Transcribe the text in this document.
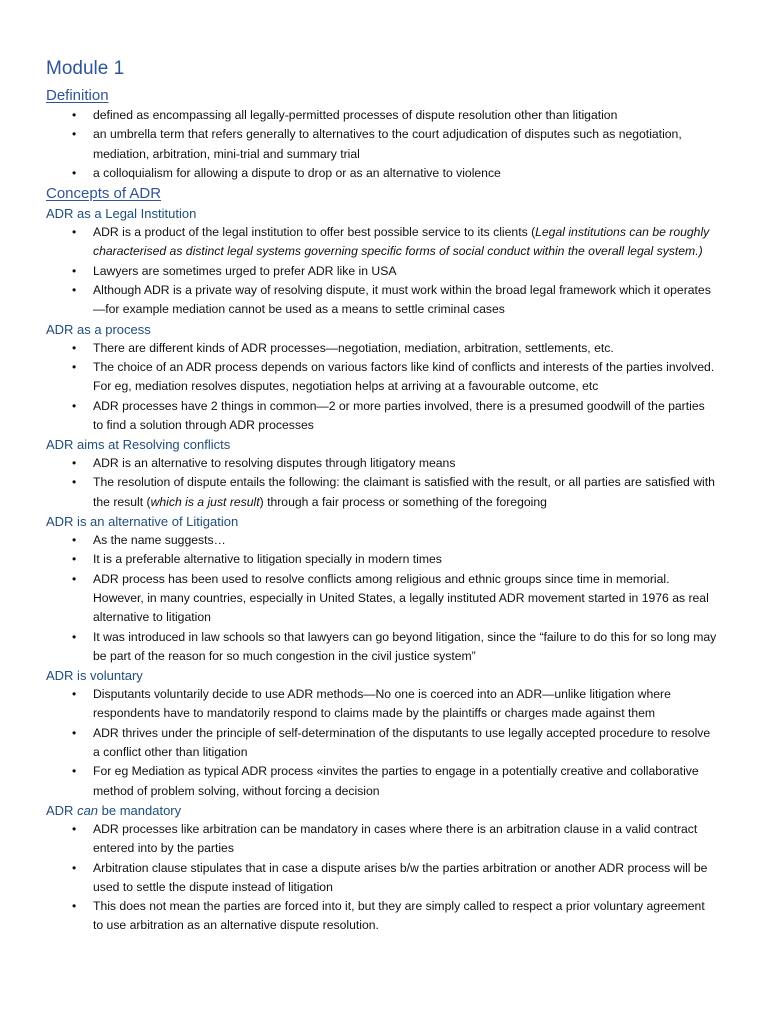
Module 1
Definition
• defined as encompassing all legally-permitted processes of dispute resolution other than litigation
• an umbrella term that refers generally to alternatives to the court adjudication of disputes such as negotiation, mediation, arbitration, mini-trial and summary trial
• a colloquialism for allowing a dispute to drop or as an alternative to violence
Concepts of ADR
ADR as a Legal Institution
• ADR is a product of the legal institution to offer best possible service to its clients (Legal institutions can be roughly characterised as distinct legal systems governing specific forms of social conduct within the overall legal system.)
• Lawyers are sometimes urged to prefer ADR like in USA
• Although ADR is a private way of resolving dispute, it must work within the broad legal framework which it operates—for example mediation cannot be used as a means to settle criminal cases
ADR as a process
• There are different kinds of ADR processes—negotiation, mediation, arbitration, settlements, etc.
• The choice of an ADR process depends on various factors like kind of conflicts and interests of the parties involved. For eg, mediation resolves disputes, negotiation helps at arriving at a favourable outcome, etc
• ADR processes have 2 things in common—2 or more parties involved, there is a presumed goodwill of the parties to find a solution through ADR processes
ADR aims at Resolving conflicts
• ADR is an alternative to resolving disputes through litigatory means
• The resolution of dispute entails the following: the claimant is satisfied with the result, or all parties are satisfied with the result (which is a just result) through a fair process or something of the foregoing
ADR is an alternative of Litigation
• As the name suggests…
• It is a preferable alternative to litigation specially in modern times
• ADR process has been used to resolve conflicts among religious and ethnic groups since time in memorial. However, in many countries, especially in United States, a legally instituted ADR movement started in 1976 as real alternative to litigation
• It was introduced in law schools so that lawyers can go beyond litigation, since the “failure to do this for so long may be part of the reason for so much congestion in the civil justice system”
ADR is voluntary
• Disputants voluntarily decide to use ADR methods—No one is coerced into an ADR—unlike litigation where respondents have to mandatorily respond to claims made by the plaintiffs or charges made against them
• ADR thrives under the principle of self-determination of the disputants to use legally accepted procedure to resolve a conflict other than litigation
• For eg Mediation as typical ADR process «invites the parties to engage in a potentially creative and collaborative method of problem solving, without forcing a decision
ADR can be mandatory
• ADR processes like arbitration can be mandatory in cases where there is an arbitration clause in a valid contract entered into by the parties
• Arbitration clause stipulates that in case a dispute arises b/w the parties arbitration or another ADR process will be used to settle the dispute instead of litigation
• This does not mean the parties are forced into it, but they are simply called to respect a prior voluntary agreement to use arbitration as an alternative dispute resolution.
